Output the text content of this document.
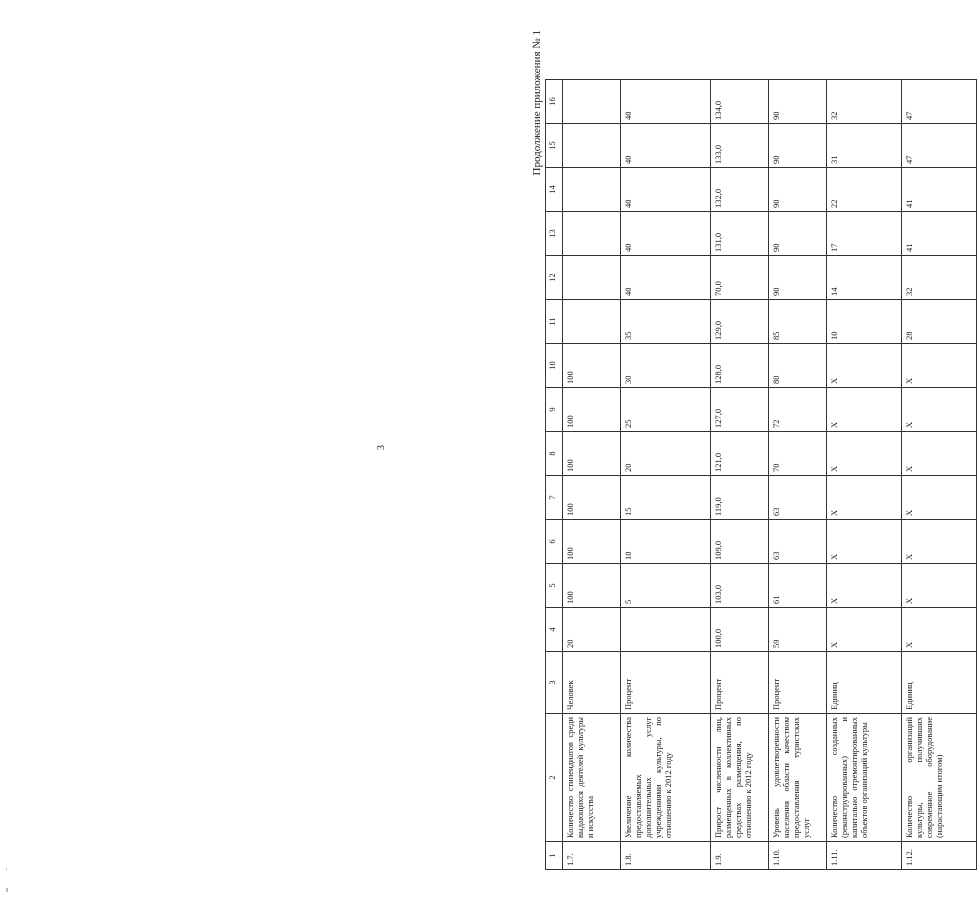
3
Продолжение приложения № 1
1	2	3	4	5	6	7	8	9	10	11	12	13	14	15	16
1.7.	Количество стипендиатов среди выдающихся деятелей культуры и искусства	Человек	20	100	100	100	100	100	100						
1.8.	Увеличение количества предоставляемых дополнительных услуг учреждениями культуры, по отношению к 2012 году	Процент		5	10	15	20	25	30	35	40	40	40	40	40
1.9.	Прирост численности лиц, размещенных в коллективных средствах размещения, по отношению к 2012 году	Процент	100,0	103,0	109,0	119,0	121,0	127,0	128,0	129,0	70,0	131,0	132,0	133,0	134,0
1.10.	Уровень удовлетворенности населения области качеством предоставления туристских услуг	Процент	59	61	63	63	70	72	80	85	90	90	90	90	90
1.11.	Количество созданных (реконструированных) и капитально отремонтированных объектов организаций культуры	Единиц	X	X	X	X	X	X	X	10	14	17	22	31	32
1.12.	Количество организаций культуры, получивших современное оборудование (нарастающим итогом)	Единиц	X	X	X	X	X	X	X	28	32	41	41	47	47
